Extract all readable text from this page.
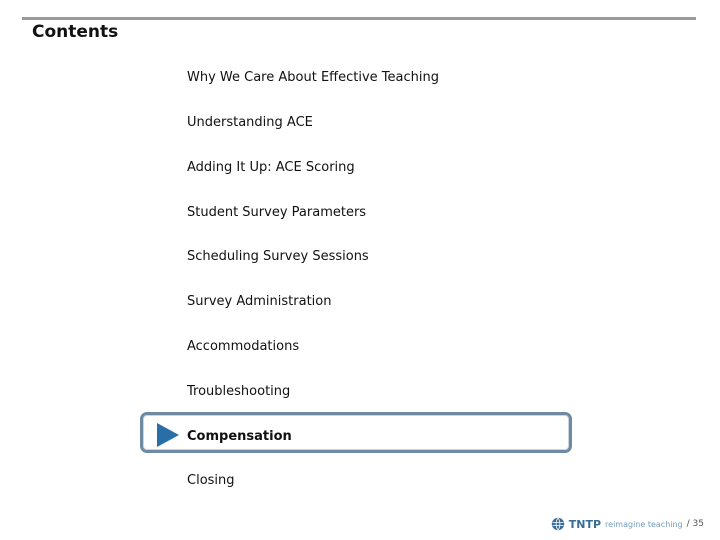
Contents
Why We Care About Effective Teaching
Understanding ACE
Adding It Up: ACE Scoring
Student Survey Parameters
Scheduling Survey Sessions
Survey Administration
Accommodations
Troubleshooting
Compensation
Closing
TNTP reimagine teaching / 35
